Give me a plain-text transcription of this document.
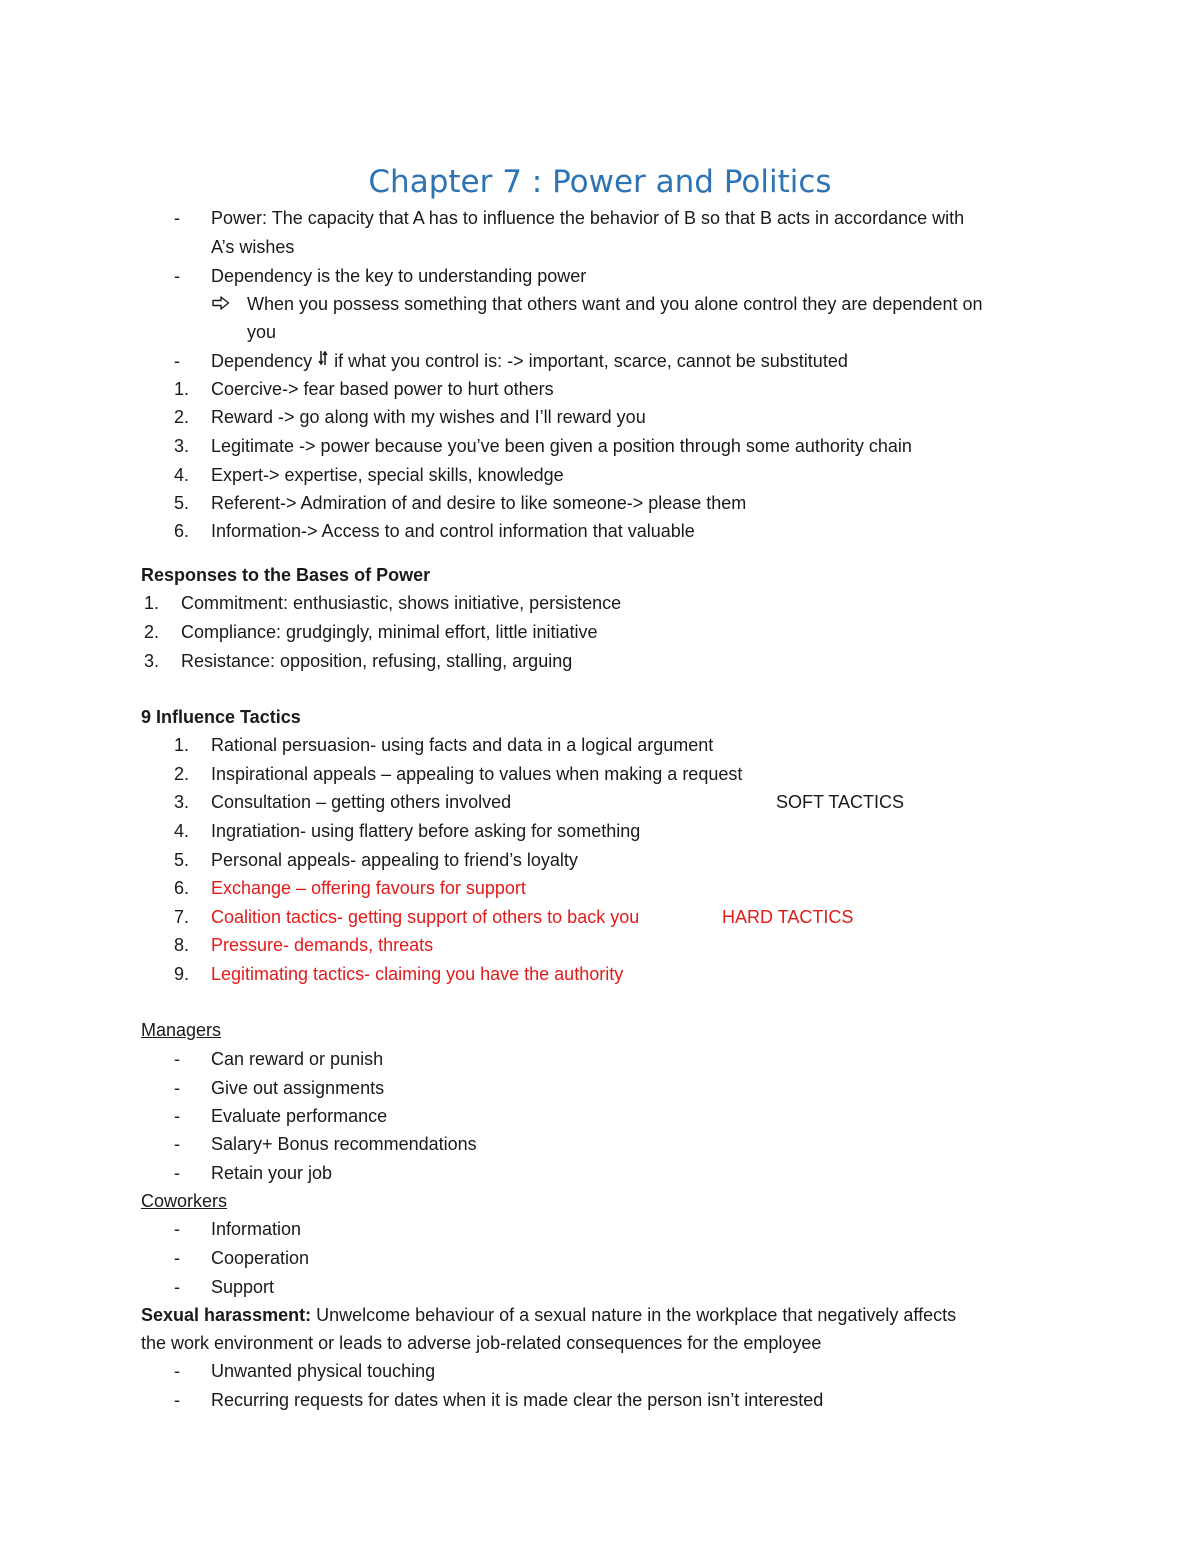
Chapter 7 : Power and Politics
- Power: The capacity that A has to influence the behavior of B so that B acts in accordance with
A’s wishes
- Dependency is the key to understanding power
When you possess something that others want and you alone control they are dependent on
you
- Dependency  if what you control is: -> important, scarce, cannot be substituted
1. Coercive-> fear based power to hurt others
2. Reward -> go along with my wishes and I’ll reward you
3. Legitimate -> power because you’ve been given a position through some authority chain
4. Expert-> expertise, special skills, knowledge
5. Referent-> Admiration of and desire to like someone-> please them
6. Information-> Access to and control information that valuable
Responses to the Bases of Power
1. Commitment: enthusiastic, shows initiative, persistence
2. Compliance: grudgingly, minimal effort, little initiative
3. Resistance: opposition, refusing, stalling, arguing
9 Influence Tactics
1. Rational persuasion- using facts and data in a logical argument
2. Inspirational appeals – appealing to values when making a request
3. Consultation – getting others involved	SOFT TACTICS
4. Ingratiation- using flattery before asking for something
5. Personal appeals- appealing to friend’s loyalty
6. Exchange – offering favours for support
7. Coalition tactics- getting support of others to back you	HARD TACTICS
8. Pressure- demands, threats
9. Legitimating tactics- claiming you have the authority
Managers
- Can reward or punish
- Give out assignments
- Evaluate performance
- Salary+ Bonus recommendations
- Retain your job
Coworkers
- Information
- Cooperation
- Support
Sexual harassment: Unwelcome behaviour of a sexual nature in the workplace that negatively affects
the work environment or leads to adverse job-related consequences for the employee
- Unwanted physical touching
- Recurring requests for dates when it is made clear the person isn’t interested
